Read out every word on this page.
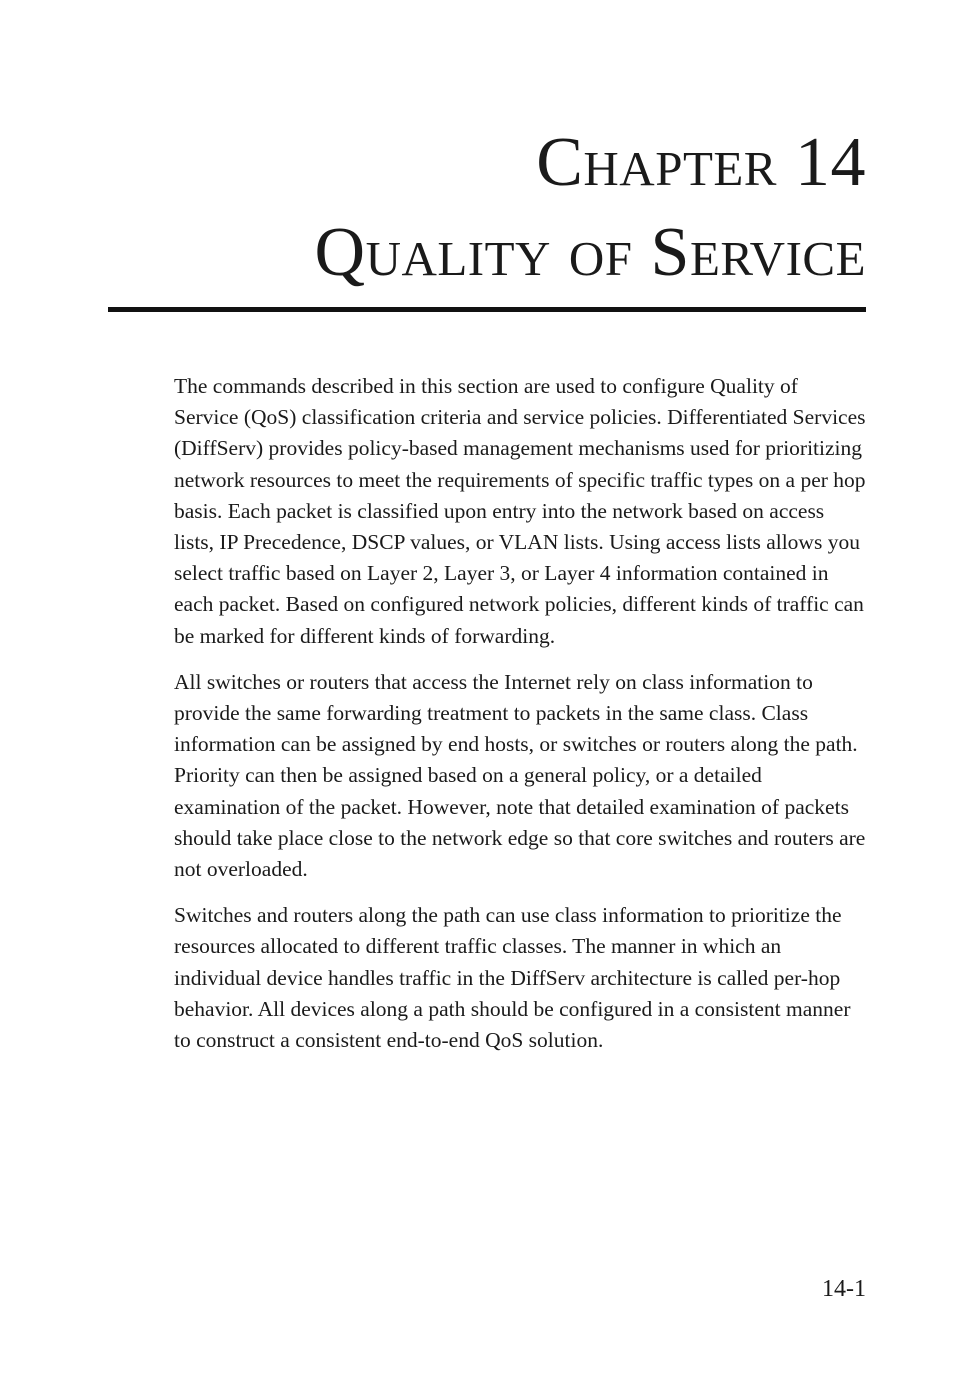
Chapter 14
Quality of Service

The commands described in this section are used to configure Quality of Service (QoS) classification criteria and service policies. Differentiated Services (DiffServ) provides policy-based management mechanisms used for prioritizing network resources to meet the requirements of specific traffic types on a per hop basis. Each packet is classified upon entry into the network based on access lists, IP Precedence, DSCP values, or VLAN lists. Using access lists allows you select traffic based on Layer 2, Layer 3, or Layer 4 information contained in each packet. Based on configured network policies, different kinds of traffic can be marked for different kinds of forwarding.

All switches or routers that access the Internet rely on class information to provide the same forwarding treatment to packets in the same class. Class information can be assigned by end hosts, or switches or routers along the path. Priority can then be assigned based on a general policy, or a detailed examination of the packet. However, note that detailed examination of packets should take place close to the network edge so that core switches and routers are not overloaded.

Switches and routers along the path can use class information to prioritize the resources allocated to different traffic classes. The manner in which an individual device handles traffic in the DiffServ architecture is called per-hop behavior. All devices along a path should be configured in a consistent manner to construct a consistent end-to-end QoS solution.

14-1
